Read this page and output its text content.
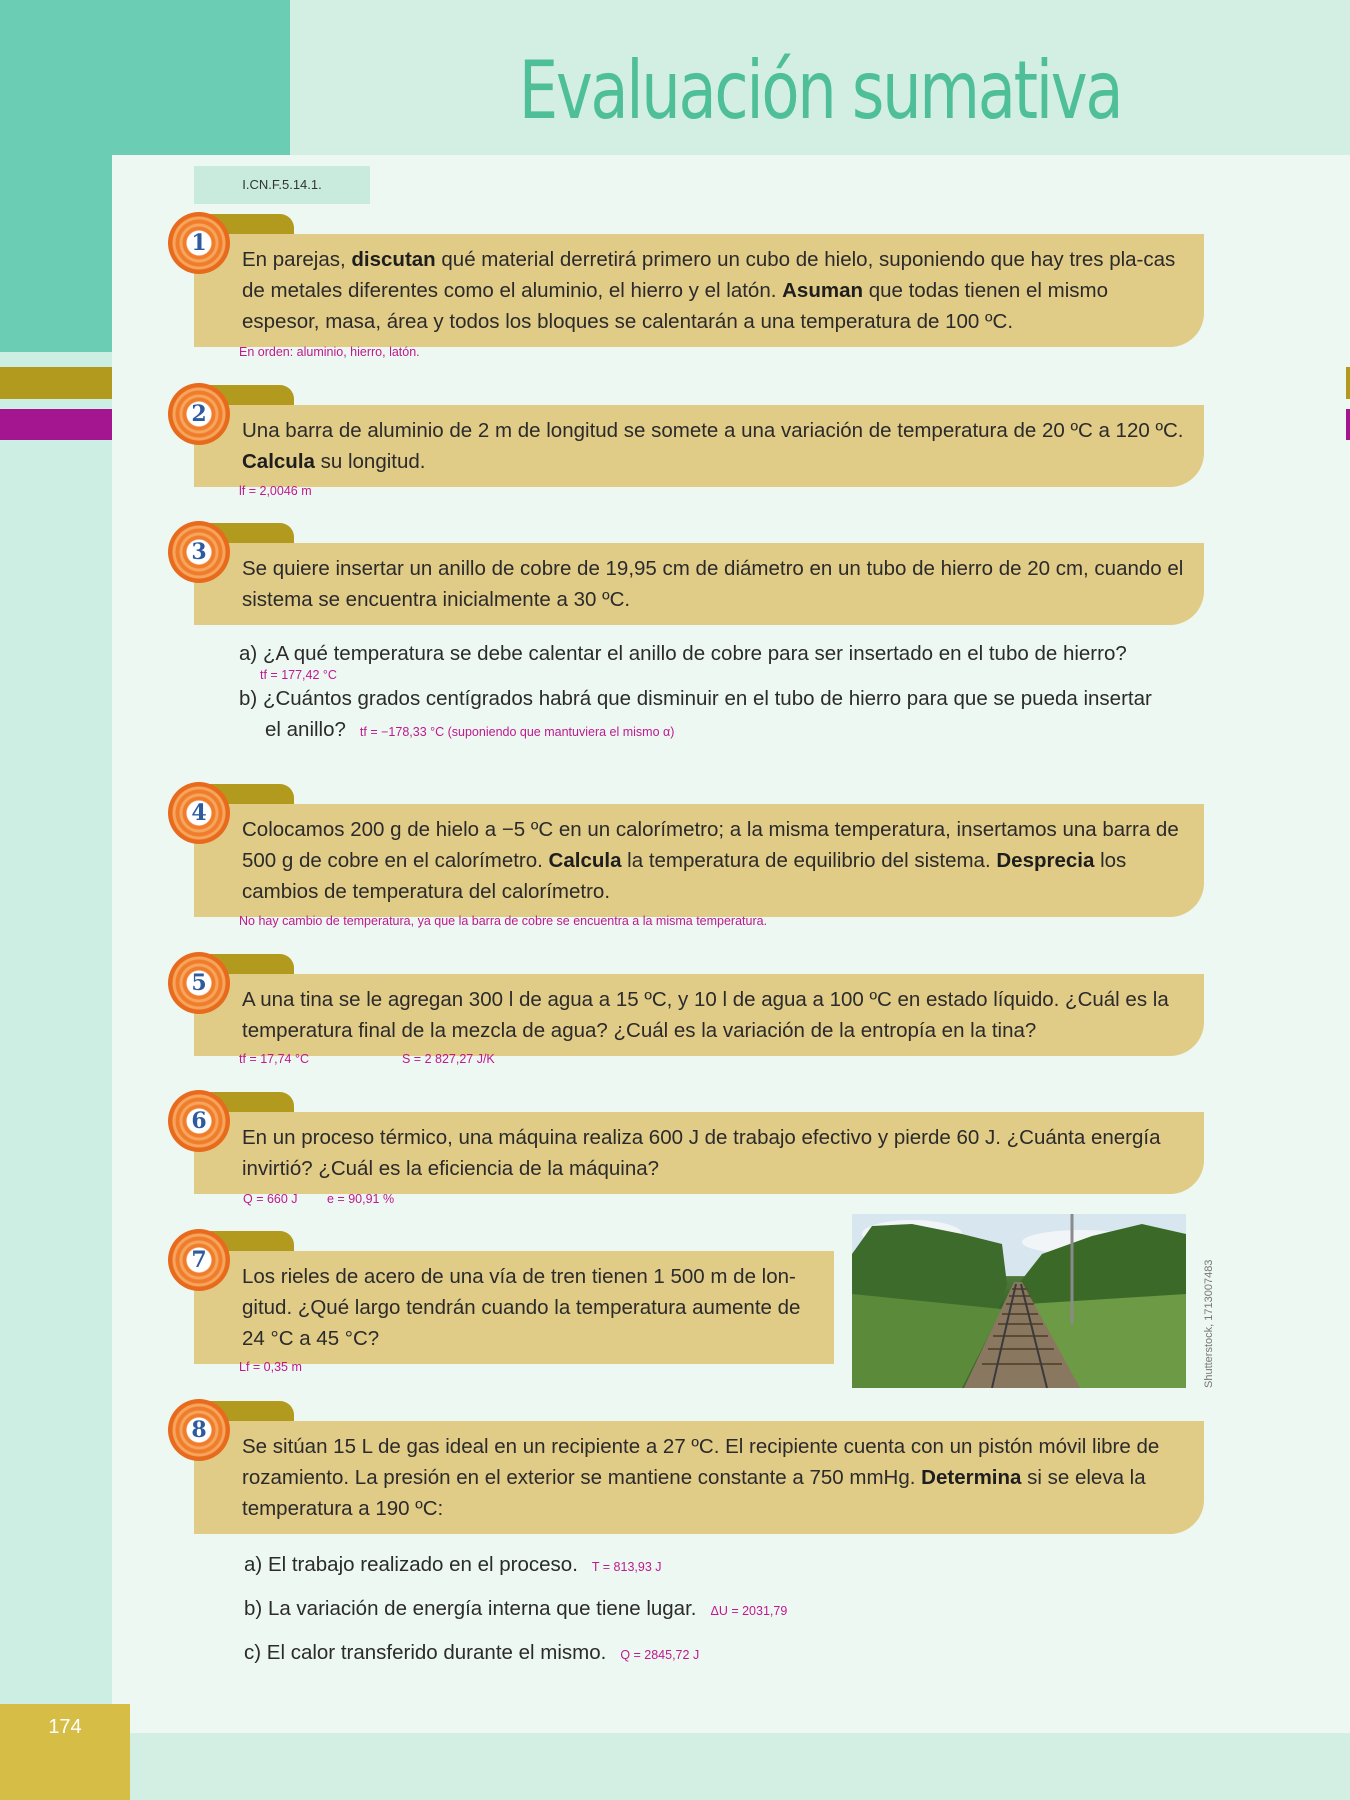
174
Evaluación sumativa
I.CN.F.5.14.1.
En parejas, discutan qué material derretirá primero un cubo de hielo, suponiendo que hay tres pla-cas de metales diferentes como el aluminio, el hierro y el latón. Asuman que todas tienen el mismo espesor, masa, área y todos los bloques se calentarán a una temperatura de 100 ºC.
1
En orden: aluminio, hierro, latón.
Una barra de aluminio de 2 m de longitud se somete a una variación de temperatura de 20 ºC a 120 ºC. Calcula su longitud.
2
lf = 2,0046 m
Se quiere insertar un anillo de cobre de 19,95 cm de diámetro en un tubo de hierro de 20 cm, cuando el sistema se encuentra inicialmente a 30 ºC.
3
a) ¿A qué temperatura se debe calentar el anillo de cobre para ser insertado en el tubo de hierro?
tf = 177,42 °C
b) ¿Cuántos grados centígrados habrá que disminuir en el tubo de hierro para que se pueda insertar
el anillo? tf = −178,33 °C (suponiendo que mantuviera el mismo α)
Colocamos 200 g de hielo a −5 ºC en un calorímetro; a la misma temperatura, insertamos una barra de 500 g de cobre en el calorímetro. Calcula la temperatura de equilibrio del sistema. Desprecia los cambios de temperatura del calorímetro.
4
No hay cambio de temperatura, ya que la barra de cobre se encuentra a la misma temperatura.
A una tina se le agregan 300 l de agua a 15 ºC, y 10 l de agua a 100 ºC en estado líquido. ¿Cuál es la temperatura final de la mezcla de agua? ¿Cuál es la variación de la entropía en la tina?
5
tf = 17,74 °C	S = 2 827,27 J/K
En un proceso térmico, una máquina realiza 600 J de trabajo efectivo y pierde 60 J. ¿Cuánta energía invirtió? ¿Cuál es la eficiencia de la máquina?
6
Q = 660 J e = 90,91 %
Los rieles de acero de una vía de tren tienen 1 500 m de lon-gitud. ¿Qué largo tendrán cuando la temperatura aumente de 24 °C a 45 °C?
7
Lf = 0,35 m	Shutterstock, 1713007483
Se sitúan 15 L de gas ideal en un recipiente a 27 ºC. El recipiente cuenta con un pistón móvil libre de rozamiento. La presión en el exterior se mantiene constante a 750 mmHg. Determina si se eleva la temperatura a 190 ºC:
8
a) El trabajo realizado en el proceso. T = 813,93 J
b) La variación de energía interna que tiene lugar. ΔU = 2031,79
c) El calor transferido durante el mismo. Q = 2845,72 J
